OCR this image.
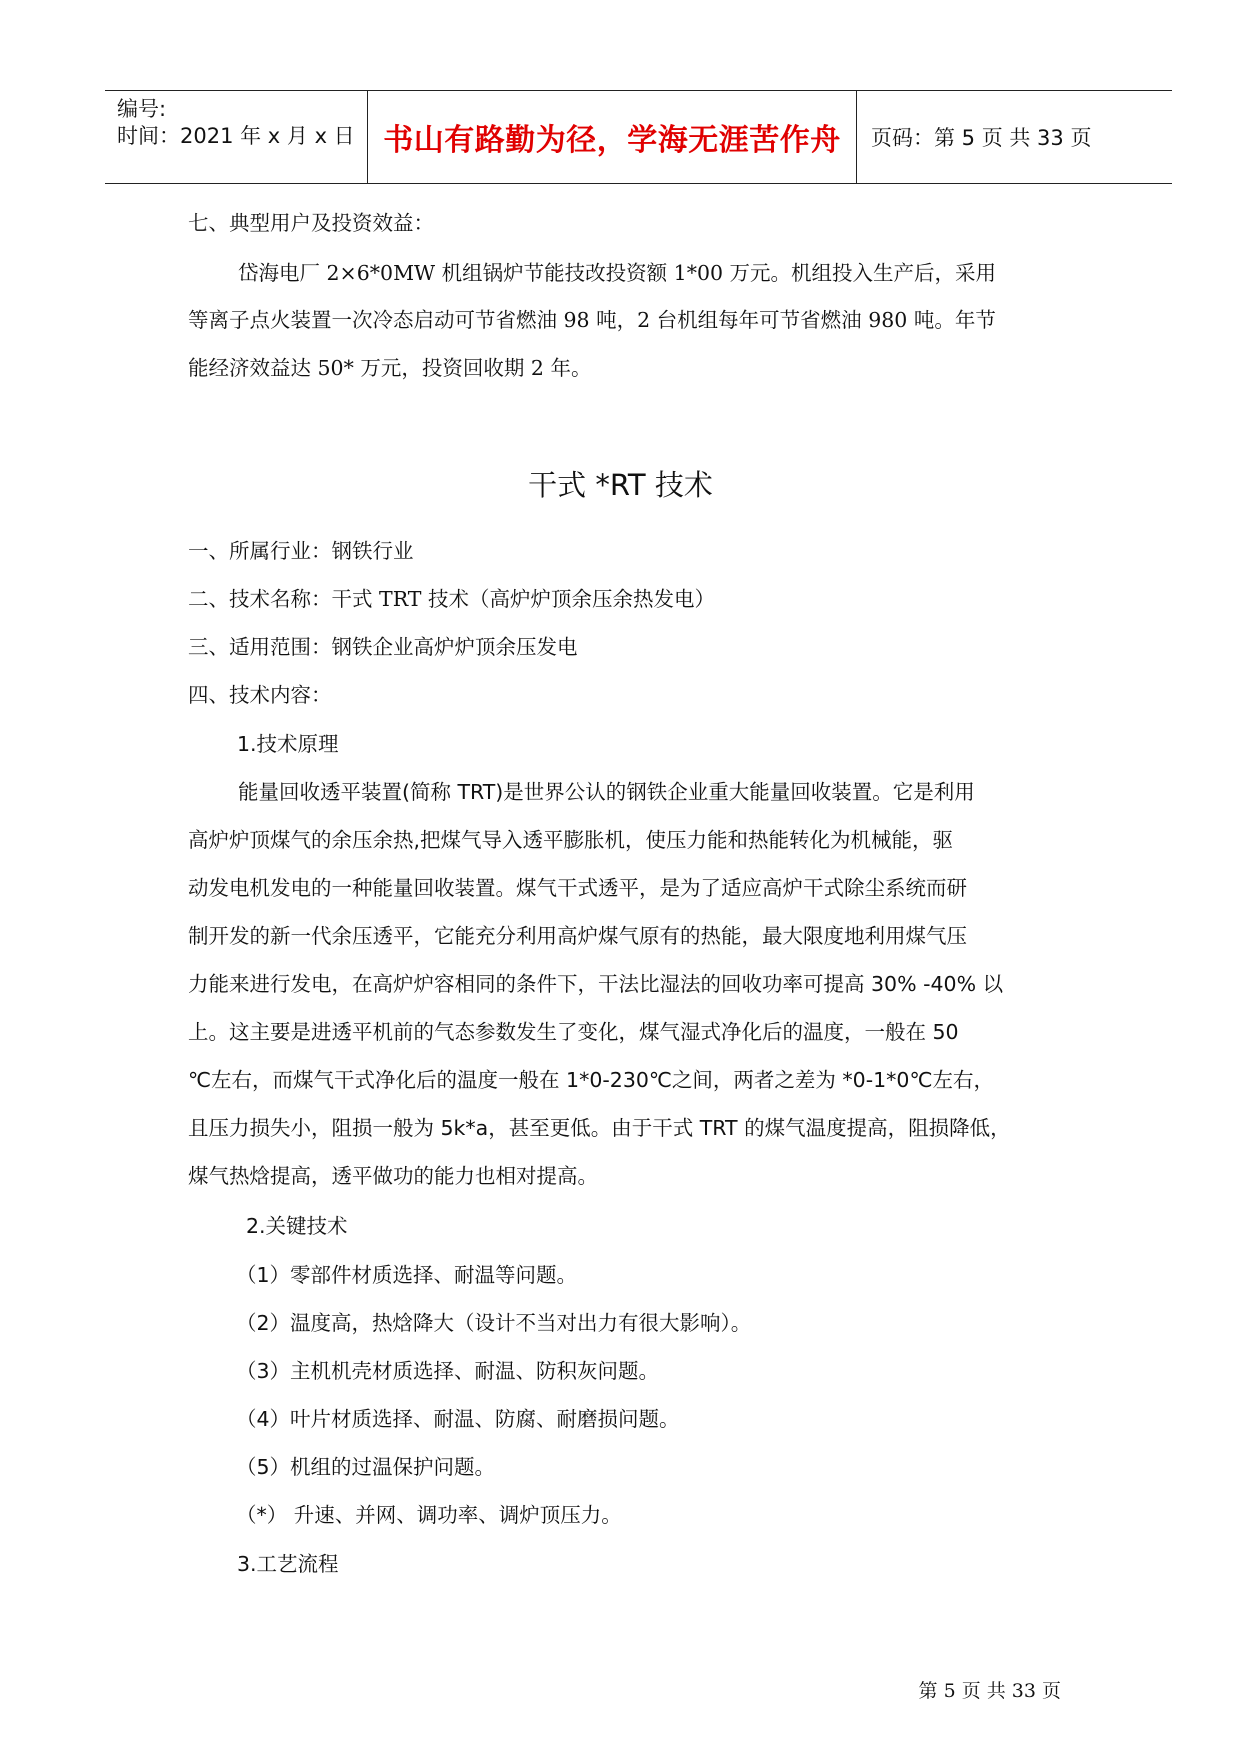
编号:
时间：2021 年 x 月 x 日 书山有路勤为径，学海无涯苦作舟 页码：第 5 页 共 33 页
七、典型用户及投资效益：
岱海电厂 2×6*0MW 机组锅炉节能技改投资额 1*00 万元。机组投入生产后，采用
等离子点火装置一次冷态启动可节省燃油 98 吨，2 台机组每年可节省燃油 980 吨。年节
能经济效益达 50* 万元，投资回收期 2 年。
干式 *RT 技术
一、所属行业：钢铁行业
二、技术名称：干式 TRT 技术（高炉炉顶余压余热发电）
三、适用范围：钢铁企业高炉炉顶余压发电
四、技术内容：
1.技术原理
能量回收透平装置(简称 TRT)是世界公认的钢铁企业重大能量回收装置。它是利用
高炉炉顶煤气的余压余热,把煤气导入透平膨胀机，使压力能和热能转化为机械能，驱
动发电机发电的一种能量回收装置。煤气干式透平，是为了适应高炉干式除尘系统而研
制开发的新一代余压透平，它能充分利用高炉煤气原有的热能，最大限度地利用煤气压
力能来进行发电，在高炉炉容相同的条件下，干法比湿法的回收功率可提高 30% -40% 以
上。这主要是进透平机前的气态参数发生了变化，煤气湿式净化后的温度，一般在 50
℃左右，而煤气干式净化后的温度一般在 1*0-230℃之间，两者之差为 *0-1*0℃左右，
且压力损失小，阻损一般为 5k*a，甚至更低。由于干式 TRT 的煤气温度提高，阻损降低，
煤气热焓提高，透平做功的能力也相对提高。
2.关键技术
（1）零部件材质选择、耐温等问题。
（2）温度高，热焓降大（设计不当对出力有很大影响）。
（3）主机机壳材质选择、耐温、防积灰问题。
（4）叶片材质选择、耐温、防腐、耐磨损问题。
（5）机组的过温保护问题。
（*） 升速、并网、调功率、调炉顶压力。
3.工艺流程
第 5 页 共 33 页
